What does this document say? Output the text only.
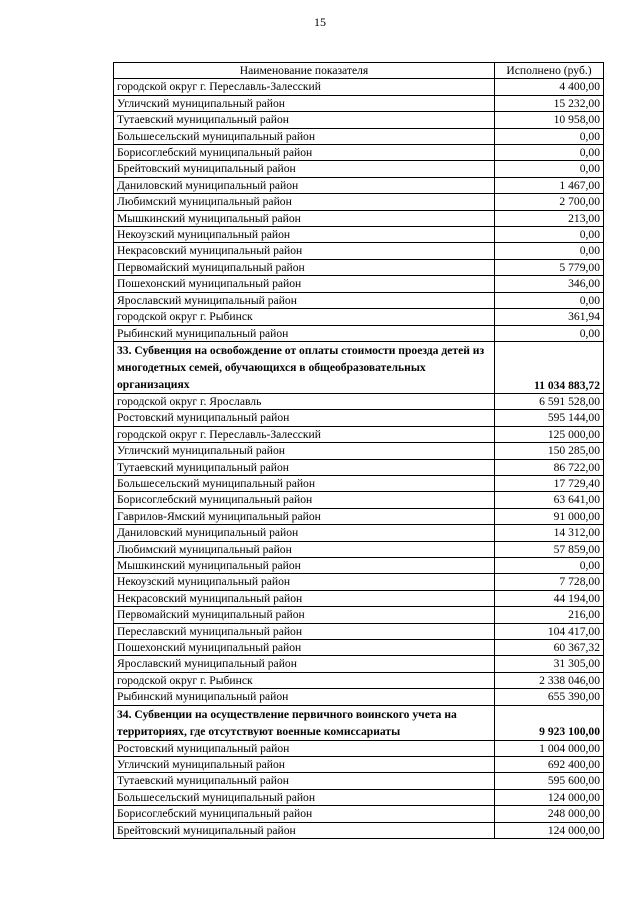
15
Наименование показателя	Исполнено (руб.)
городской округ г. Переславль-Залесский	4 400,00
Угличский муниципальный район	15 232,00
Тутаевский муниципальный район	10 958,00
Большесельский муниципальный район	0,00
Борисоглебский муниципальный район	0,00
Брейтовский муниципальный район	0,00
Даниловский муниципальный район	1 467,00
Любимский муниципальный район	2 700,00
Мышкинский муниципальный район	213,00
Некоузский муниципальный район	0,00
Некрасовский муниципальный район	0,00
Первомайский муниципальный район	5 779,00
Пошехонский муниципальный район	346,00
Ярославский муниципальный район	0,00
городской округ г. Рыбинск	361,94
Рыбинский муниципальный район	0,00
33. Субвенция на освобождение от оплаты стоимости проезда детей из многодетных семей, обучающихся в общеобразовательных организациях	11 034 883,72
городской округ г. Ярославль	6 591 528,00
Ростовский муниципальный район	595 144,00
городской округ г. Переславль-Залесский	125 000,00
Угличский муниципальный район	150 285,00
Тутаевский муниципальный район	86 722,00
Большесельский муниципальный район	17 729,40
Борисоглебский муниципальный район	63 641,00
Гаврилов-Ямский муниципальный район	91 000,00
Даниловский муниципальный район	14 312,00
Любимский муниципальный район	57 859,00
Мышкинский муниципальный район	0,00
Некоузский муниципальный район	7 728,00
Некрасовский муниципальный район	44 194,00
Первомайский муниципальный район	216,00
Переславский муниципальный район	104 417,00
Пошехонский муниципальный район	60 367,32
Ярославский муниципальный район	31 305,00
городской округ г. Рыбинск	2 338 046,00
Рыбинский муниципальный район	655 390,00
34. Субвенции на осуществление первичного воинского учета на территориях, где отсутствуют военные комиссариаты	9 923 100,00
Ростовский муниципальный район	1 004 000,00
Угличский муниципальный район	692 400,00
Тутаевский муниципальный район	595 600,00
Большесельский муниципальный район	124 000,00
Борисоглебский муниципальный район	248 000,00
Брейтовский муниципальный район	124 000,00
